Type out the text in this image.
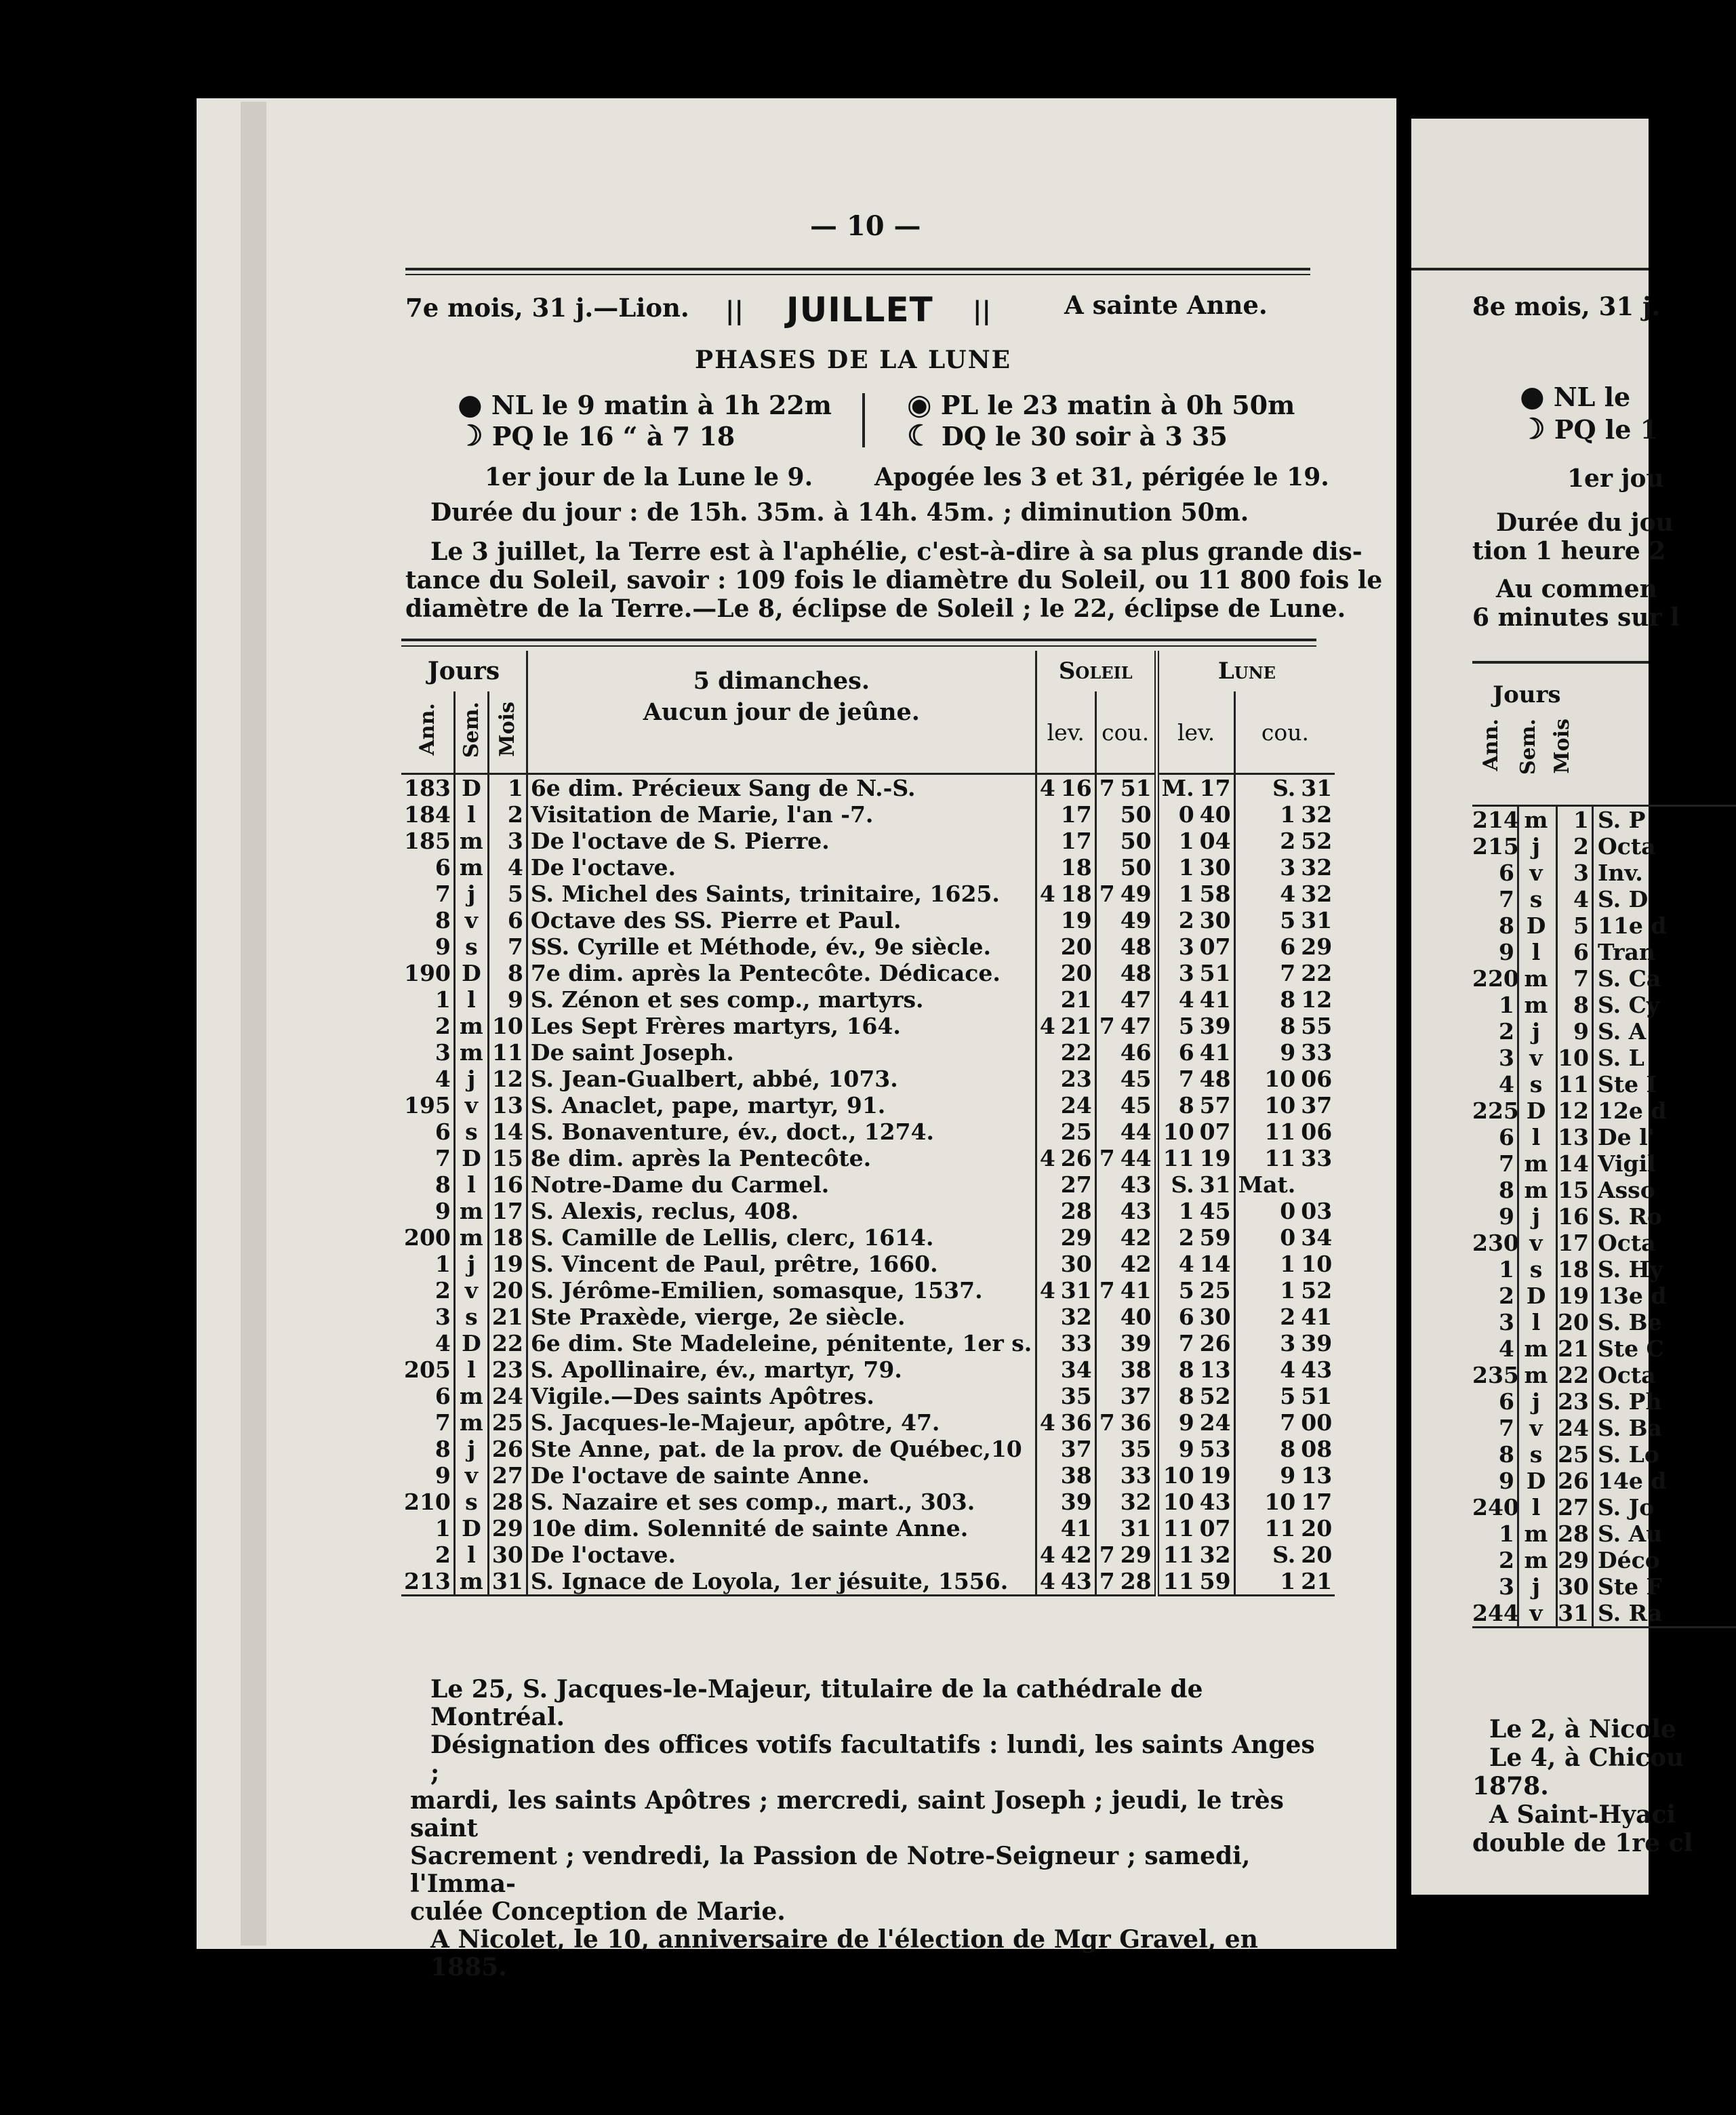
— 10 —
7e mois, 31 j.—Lion. || JUILLET ||	A sainte Anne.
PHASES DE LA LUNE
● NL le 9 matin à 1h 22m
☽ PQ le 16 “ à 7 18
◉ PL le 23 matin à 0h 50m
☾ DQ le 30 soir à 3 35
1er jour de la Lune le 9.	Apogée les 3 et 31, périgée le 19.
Durée du jour : de 15h. 35m. à 14h. 45m. ; diminution 50m.
Le 3 juillet, la Terre est à l'aphélie, c'est-à-dire à sa plus grande dis-
tance du Soleil, savoir : 109 fois le diamètre du Soleil, ou 11 800 fois le
diamètre de la Terre.—Le 8, éclipse de Soleil ; le 22, éclipse de Lune.
Jours			5 dimanches.
Aucun jour de jeûne.	Soleil				Lune			
Ann.	Sem.	Mois		lev.		cou.		lev.		cou.	
183	D	1	6e dim. Précieux Sang de N.-S.	4	16	7	51	M.	17	S.	31
184	l	2	Visitation de Marie, l'an -7.		17		50	0	40	1	32
185	m	3	De l'octave de S. Pierre.		17		50	1	04	2	52
6	m	4	De l'octave.		18		50	1	30	3	32
7	j	5	S. Michel des Saints, trinitaire, 1625.	4	18	7	49	1	58	4	32
8	v	6	Octave des SS. Pierre et Paul.		19		49	2	30	5	31
9	s	7	SS. Cyrille et Méthode, év., 9e siècle.		20		48	3	07	6	29
190	D	8	7e dim. après la Pentecôte. Dédicace.		20		48	3	51	7	22
1	l	9	S. Zénon et ses comp., martyrs.		21		47	4	41	8	12
2	m	10	Les Sept Frères martyrs, 164.	4	21	7	47	5	39	8	55
3	m	11	De saint Joseph.		22		46	6	41	9	33
4	j	12	S. Jean-Gualbert, abbé, 1073.		23		45	7	48	10	06
195	v	13	S. Anaclet, pape, martyr, 91.		24		45	8	57	10	37
6	s	14	S. Bonaventure, év., doct., 1274.		25		44	10	07	11	06
7	D	15	8e dim. après la Pentecôte.	4	26	7	44	11	19	11	33
8	l	16	Notre-Dame du Carmel.		27		43	S.	31	Mat.	
9	m	17	S. Alexis, reclus, 408.		28		43	1	45	0	03
200	m	18	S. Camille de Lellis, clerc, 1614.		29		42	2	59	0	34
1	j	19	S. Vincent de Paul, prêtre, 1660.		30		42	4	14	1	10
2	v	20	S. Jérôme-Emilien, somasque, 1537.	4	31	7	41	5	25	1	52
3	s	21	Ste Praxède, vierge, 2e siècle.		32		40	6	30	2	41
4	D	22	6e dim. Ste Madeleine, pénitente, 1er s.		33		39	7	26	3	39
205	l	23	S. Apollinaire, év., martyr, 79.		34		38	8	13	4	43
6	m	24	Vigile.—Des saints Apôtres.		35		37	8	52	5	51
7	m	25	S. Jacques-le-Majeur, apôtre, 47.	4	36	7	36	9	24	7	00
8	j	26	Ste Anne, pat. de la prov. de Québec,10		37		35	9	53	8	08
9	v	27	De l'octave de sainte Anne.		38		33	10	19	9	13
210	s	28	S. Nazaire et ses comp., mart., 303.		39		32	10	43	10	17
1	D	29	10e dim. Solennité de sainte Anne.		41		31	11	07	11	20
2	l	30	De l'octave.	4	42	7	29	11	32	S.	20
213	m	31	S. Ignace de Loyola, 1er jésuite, 1556.	4	43	7	28	11	59	1	21
Le 25, S. Jacques-le-Majeur, titulaire de la cathédrale de Montréal.
Désignation des offices votifs facultatifs : lundi, les saints Anges ;
mardi, les saints Apôtres ; mercredi, saint Joseph ; jeudi, le très saint
Sacrement ; vendredi, la Passion de Notre-Seigneur ; samedi, l'Imma-
culée Conception de Marie.
A Nicolet, le 10, anniversaire de l'élection de Mgr Gravel, en 1885.
8e mois, 31 j.
● NL le
☽ PQ le 1
1er jou
Durée du jou
tion 1 heure 2
Au commen
6 minutes sur l
Jours
Ann. Sem. Mois
214 m	1 S. P
215 j	2 Octa
6 v	3 Inv.
7 s	4 S. D
8 D	5 11e d
9 l	6 Tran
220 m	7 S. Ca
1 m	8 S. Cy
2 j	9 S. A
3 v 10 S. L
4 s 11 Ste I
225 D 12 12e d
6 l 13 De l'
7 m 14 Vigil
8 m 15 Asso
9 j 16 S. Ro
230 v 17 Octa
1 s 18 S. Hy
2 D 19 13e d
3 l 20 S. Be
4 m 21 Ste C
235 m 22 Octa
6 j 23 S. Ph
7 v 24 S. Ba
8 s 25 S. Lo
9 D 26 14e d
240 l 27 S. Jo
1 m 28 S. Au
2 m 29 Déco
3 j 30 Ste F
244 v 31 S. Ra
Le 2, à Nicole
Le 4, à Chicou
1878.
A Saint-Hyaci
double de 1re cl
